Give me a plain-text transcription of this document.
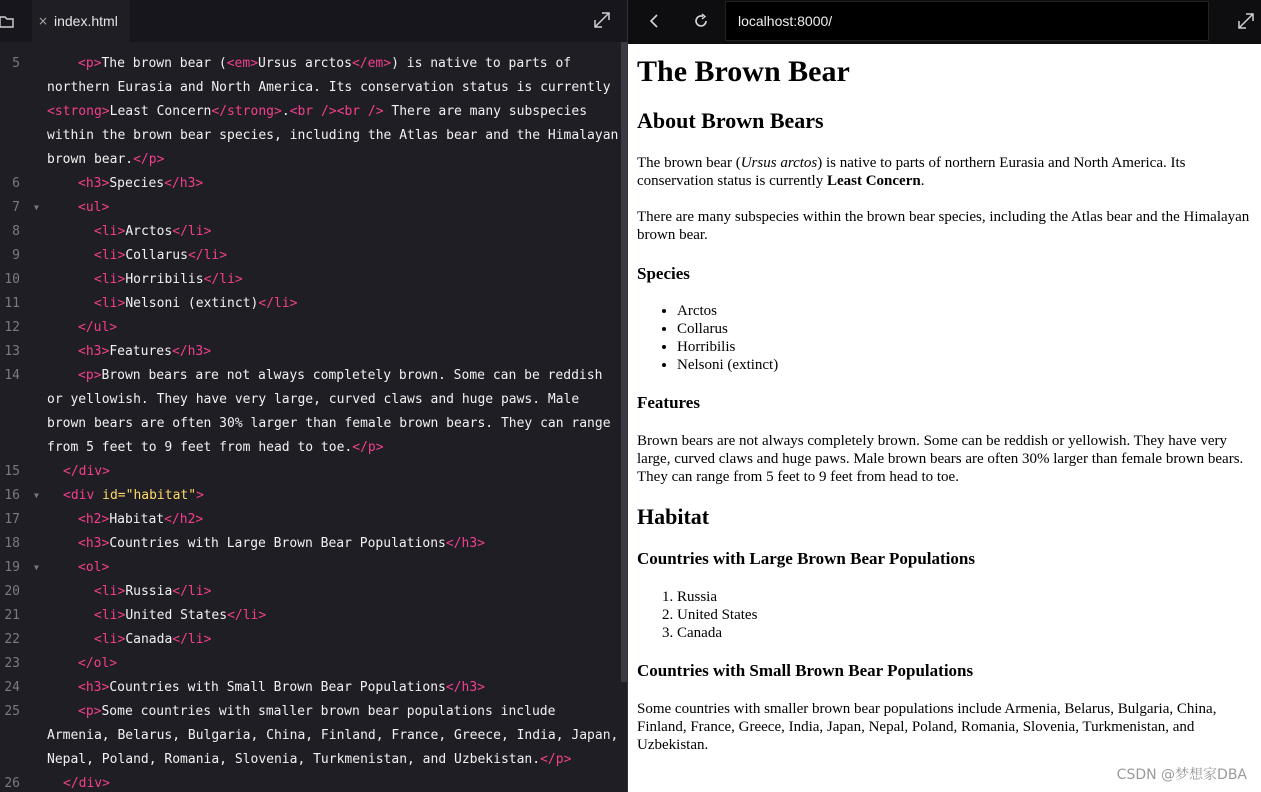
× index.html
5	<p>The brown bear (<em>Ursus arctos</em>) is native to parts of
northern Eurasia and North America. Its conservation status is currently
<strong>Least Concern</strong>.<br /><br /> There are many subspecies
within the brown bear species, including the Atlas bear and the Himalayan
brown bear.</p>
6	<h3>Species</h3>
7 ▼	<ul>
8	<li>Arctos</li>
9	<li>Collarus</li>
10	<li>Horribilis</li>
11	<li>Nelsoni (extinct)</li>
12	</ul>
13	<h3>Features</h3>
14	<p>Brown bears are not always completely brown. Some can be reddish
or yellowish. They have very large, curved claws and huge paws. Male
brown bears are often 30% larger than female brown bears. They can range
from 5 feet to 9 feet from head to toe.</p>
15	</div>
16 ▼ <div id="habitat">
17	<h2>Habitat</h2>
18	<h3>Countries with Large Brown Bear Populations</h3>
19 ▼	<ol>
20	<li>Russia</li>
21	<li>United States</li>
22	<li>Canada</li>
23	</ol>
24	<h3>Countries with Small Brown Bear Populations</h3>
25	<p>Some countries with smaller brown bear populations include
Armenia, Belarus, Bulgaria, China, Finland, France, Greece, India, Japan,
Nepal, Poland, Romania, Slovenia, Turkmenistan, and Uzbekistan.</p>
26	</div>
localhost:8000/
The Brown Bear
About Brown Bears

The brown bear (Ursus arctos) is native to parts of northern Eurasia and North America. Its conservation status is currently Least Concern.

There are many subspecies within the brown bear species, including the Atlas bear and the Himalayan brown bear.

Species
• Arctos
• Collarus
• Horribilis
• Nelsoni (extinct)
Features

Brown bears are not always completely brown. Some can be reddish or yellowish. They have very large, curved claws and huge paws. Male brown bears are often 30% larger than female brown bears. They can range from 5 feet to 9 feet from head to toe.

Habitat
Countries with Large Brown Bear Populations
1. Russia
2. United States
3. Canada
Countries with Small Brown Bear Populations

Some countries with smaller brown bear populations include Armenia, Belarus, Bulgaria, China, Finland, France, Greece, India, Japan, Nepal, Poland, Romania, Slovenia, Turkmenistan, and Uzbekistan.

CSDN @梦想家DBA
